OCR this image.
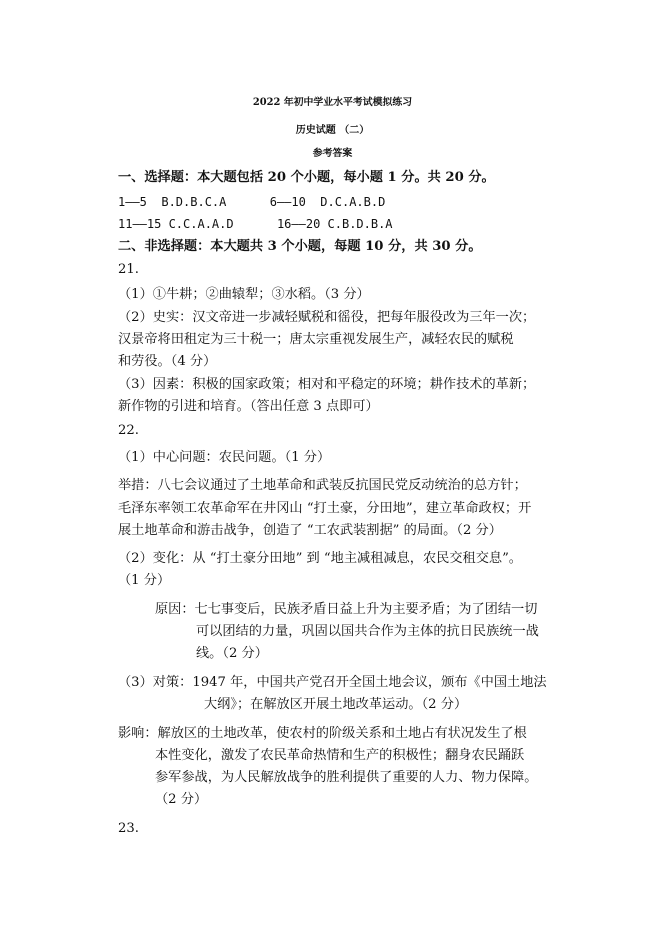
2022 年初中学业水平考试模拟练习
历史试题 （二）
参考答案
一、选择题：本大题包括 20 个小题，每小题 1 分。共 20 分。
1——5  B.D.B.C.A      6——10  D.C.A.B.D
11——15 C.C.A.A.D      16——20 C.B.D.B.A
二、非选择题：本大题共 3 个小题，每题 10 分，共 30 分。
21.
（1）①牛耕；②曲辕犁；③水稻。（3 分）
（2）史实：汉文帝进一步减轻赋税和徭役，把每年服役改为三年一次；
汉景帝将田租定为三十税一；唐太宗重视发展生产，减轻农民的赋税
和劳役。（4 分）
（3）因素：积极的国家政策；相对和平稳定的环境；耕作技术的革新；
新作物的引进和培育。（答出任意 3 点即可）
22.
（1）中心问题：农民问题。（1 分）
举措：八七会议通过了土地革命和武装反抗国民党反动统治的总方针；
毛泽东率领工农革命军在井冈山 “打土豪，分田地”，建立革命政权；开
展土地革命和游击战争，创造了 “工农武装割据” 的局面。（2 分）
（2）变化：从 “打土豪分田地” 到 “地主减租减息，农民交租交息”。
（1 分）
原因：七七事变后，民族矛盾日益上升为主要矛盾；为了团结一切
可以团结的力量，巩固以国共合作为主体的抗日民族统一战
线。（2 分）
（3）对策：1947 年，中国共产党召开全国土地会议，颁布《中国土地法
大纲》；在解放区开展土地改革运动。（2 分）
影响：解放区的土地改革，使农村的阶级关系和土地占有状况发生了根
本性变化，激发了农民革命热情和生产的积极性；翻身农民踊跃
参军参战，为人民解放战争的胜利提供了重要的人力、物力保障。
（2 分）
23.
